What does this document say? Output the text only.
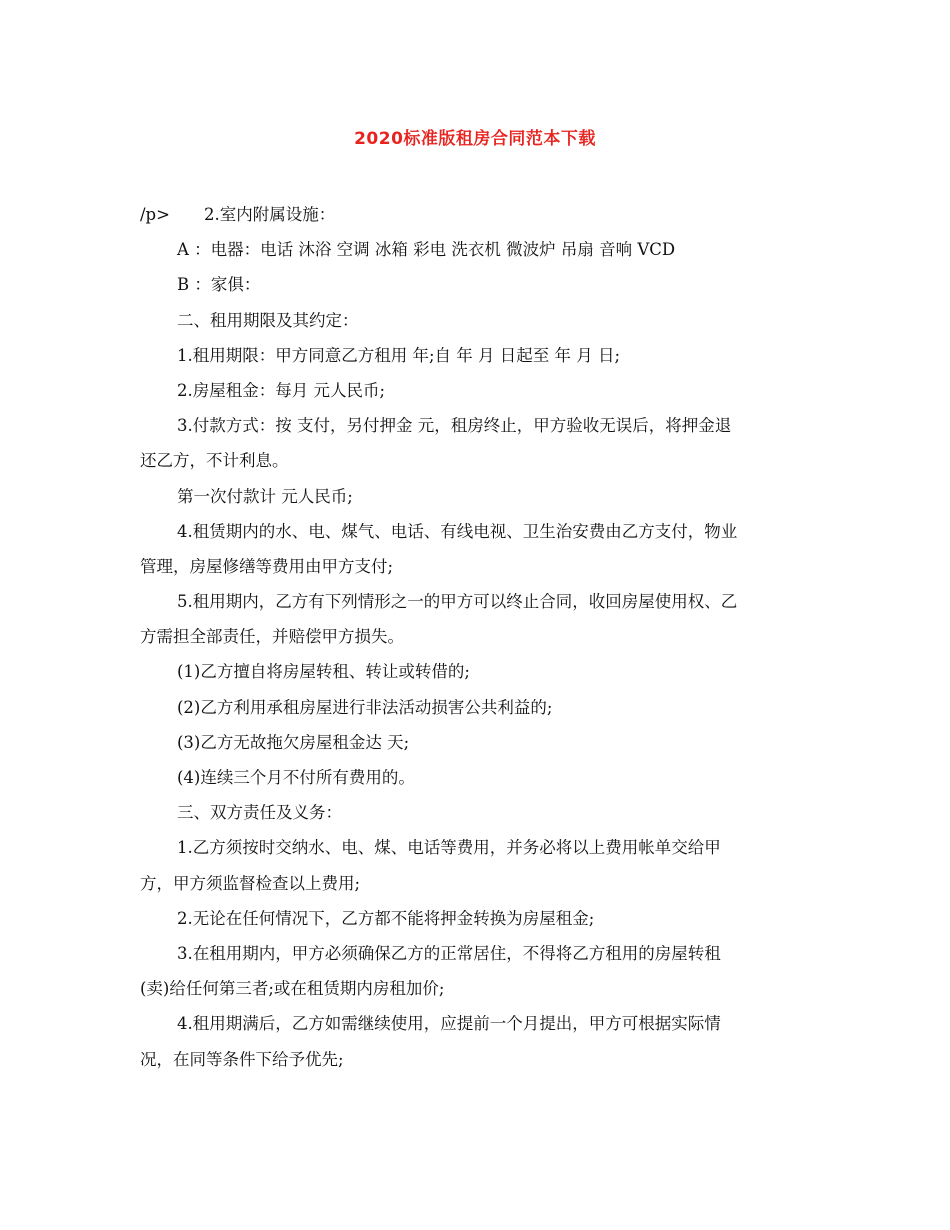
2020标准版租房合同范本下载
/p> 2.室内附属设施：
A ：电器：电话 沐浴 空调 冰箱 彩电 洗衣机 微波炉 吊扇 音响 VCD
B ：家俱：
二、租用期限及其约定：
1.租用期限：甲方同意乙方租用 年;自 年 月 日起至 年 月 日;
2.房屋租金：每月 元人民币;
3.付款方式：按 支付，另付押金 元，租房终止，甲方验收无误后，将押金退
还乙方，不计利息。
第一次付款计 元人民币;
4.租赁期内的水、电、煤气、电话、有线电视、卫生治安费由乙方支付，物业
管理，房屋修缮等费用由甲方支付;
5.租用期内，乙方有下列情形之一的甲方可以终止合同，收回房屋使用权、乙
方需担全部责任，并赔偿甲方损失。
(1)乙方擅自将房屋转租、转让或转借的;
(2)乙方利用承租房屋进行非法活动损害公共利益的;
(3)乙方无故拖欠房屋租金达 天;
(4)连续三个月不付所有费用的。
三、双方责任及义务：
1.乙方须按时交纳水、电、煤、电话等费用，并务必将以上费用帐单交给甲
方，甲方须监督检查以上费用;
2.无论在任何情况下，乙方都不能将押金转换为房屋租金;
3.在租用期内，甲方必须确保乙方的正常居住，不得将乙方租用的房屋转租
(卖)给任何第三者;或在租赁期内房租加价;
4.租用期满后，乙方如需继续使用，应提前一个月提出，甲方可根据实际情
况，在同等条件下给予优先;
